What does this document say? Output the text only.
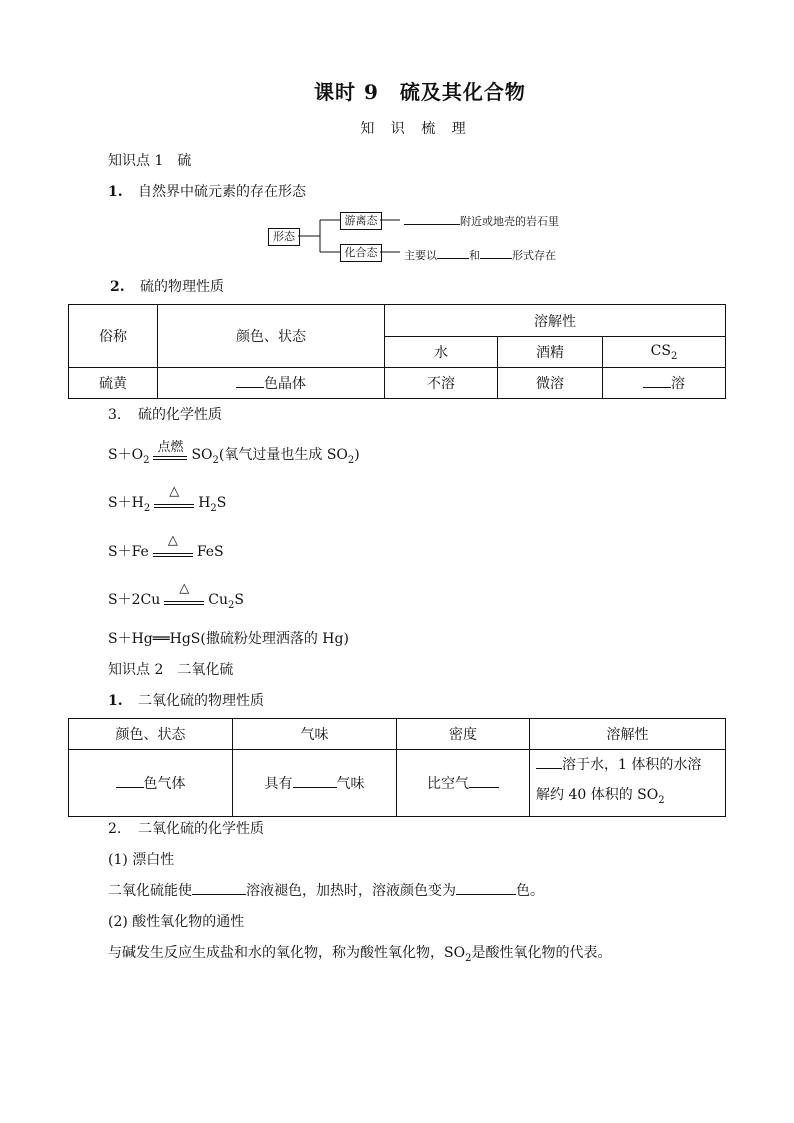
课时 9　硫及其化合物
知 识 梳 理
知识点 1　硫
1. 自然界中硫元素的存在形态
形态
游离态
化合态
附近或地壳的岩石里
主要以	和	形式存在
2. 硫的物理性质
俗称	颜色、状态	溶解性		
		水	酒精	$CS_2$
硫黄	色晶体	不溶	微溶	溶
3. 硫的化学性质
$S+O_2$
点燃 $SO_2$(氧气过量也生成 $SO_2$)
$S+H_2$
△
$H_2S$
S＋Fe
△
FeS
S＋2Cu
△
$Cu_2S$
S＋Hg══HgS(撒硫粉处理洒落的 Hg)
知识点 2　二氧化硫
1. 二氧化硫的物理性质
颜色、状态	气味	密度	溶解性
色气体	具有 气味	比空气	溶于水，1 体积的水溶
解约 40 体积的 $SO_2$
2. 二氧化硫的化学性质
(1) 漂白性
二氧化硫能使	溶液褪色，加热时，溶液颜色变为	色。
(2) 酸性氧化物的通性
与碱发生反应生成盐和水的氧化物，称为酸性氧化物，$SO_2$是酸性氧化物的代表。
